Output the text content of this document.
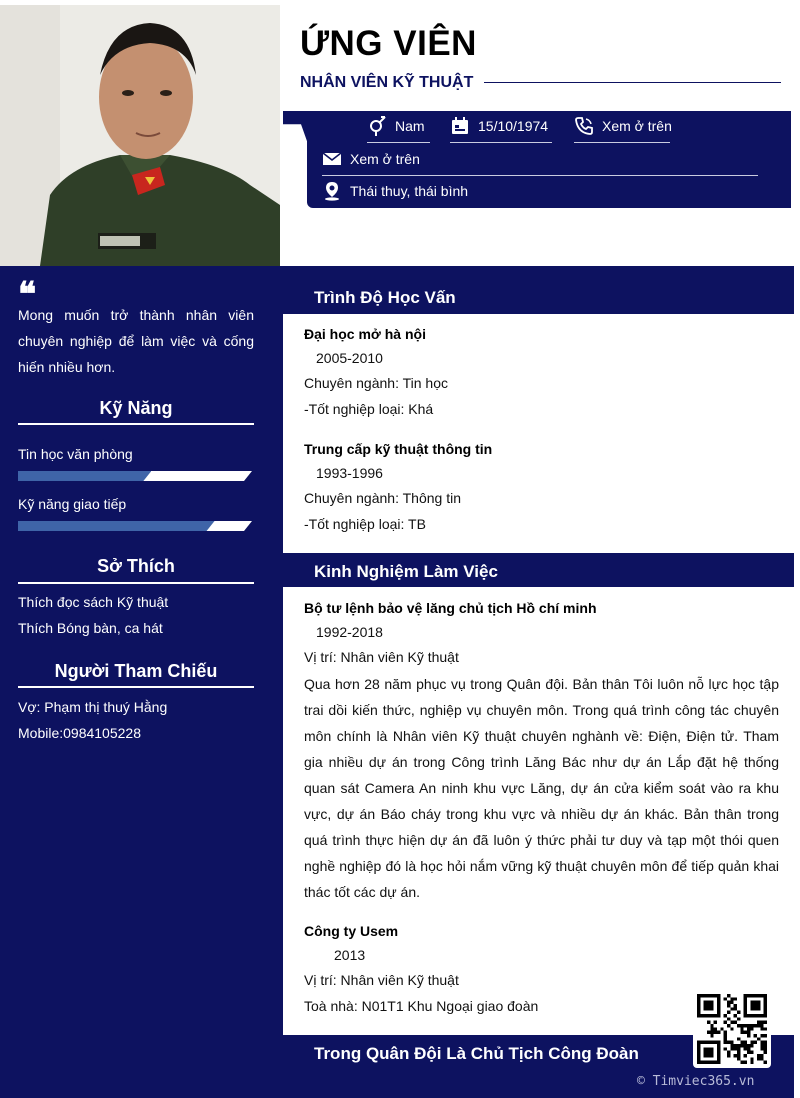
ỨNG VIÊN
NHÂN VIÊN KỸ THUẬT
Nam	15/10/1974	Xem ở trên
Xem ở trên
Thái thuy, thái bình
❝
Mong muốn trở thành nhân viên chuyên nghiệp để làm việc và cống hiến nhiều hơn.
Kỹ Năng
Tin học văn phòng
Kỹ năng giao tiếp
Sở Thích
Thích đọc sách Kỹ thuật
Thích Bóng bàn, ca hát
Người Tham Chiếu
Vợ: Phạm thị thuý Hằng
Mobile:0984105228
Trình Độ Học Vấn
Đại học mở hà nội
2005-2010
Chuyên ngành: Tin học
-Tốt nghiệp loại: Khá
Trung cấp kỹ thuật thông tin
1993-1996
Chuyên ngành: Thông tin
-Tốt nghiệp loại: TB
Kinh Nghiệm Làm Việc
Bộ tư lệnh bảo vệ lăng chủ tịch Hồ chí minh
1992-2018
Vị trí: Nhân viên Kỹ thuật
Qua hơn 28 năm phục vụ trong Quân đội. Bản thân Tôi luôn nỗ lực học tập trai dồi kiến thức, nghiệp vụ chuyên môn. Trong quá trình công tác chuyên môn chính là Nhân viên Kỹ thuật chuyên nghành về: Điện, Điện tử. Tham gia nhiều dự án trong Công trình Lăng Bác như dự án Lắp đặt hệ thống quan sát Camera An ninh khu vực Lăng, dự án cửa kiểm soát vào ra khu vực, dự án Báo cháy trong khu vực và nhiều dự án khác. Bản thân trong quá trình thực hiện dự án đã luôn ý thức phải tư duy và tạp một thói quen nghề nghiệp đó là học hỏi nắm vững kỹ thuật chuyên môn để tiếp quản khai thác tốt các dự án.
Công ty Usem
2013
Vị trí: Nhân viên Kỹ thuật
Toà nhà: N01T1 Khu Ngoại giao đoàn
Trong Quân Đội Là Chủ Tịch Công Đoàn
© Timviec365.vn
